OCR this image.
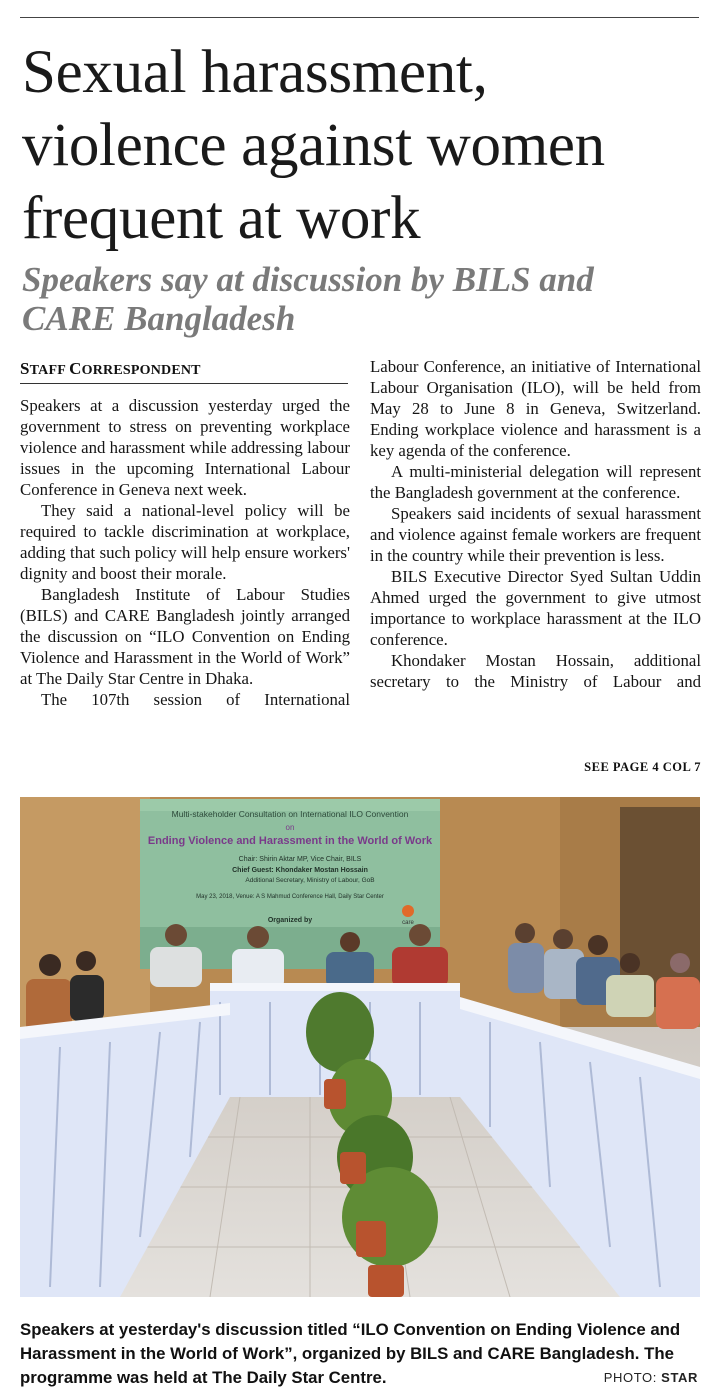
Sexual harassment,
violence against women
frequent at work
Speakers say at discussion by BILS and
CARE Bangladesh
STAFF CORRESPONDENT

Speakers at a discussion yesterday urged the government to stress on preventing workplace violence and harassment while addressing labour issues in the upcoming International Labour Conference in Geneva next week.

They said a national-level policy will be required to tackle discrimination at workplace, adding that such policy will help ensure workers' dignity and boost their morale.

Bangladesh Institute of Labour Studies (BILS) and CARE Bangladesh jointly arranged the discussion on “ILO Convention on Ending Violence and Harassment in the World of Work” at The Daily Star Centre in Dhaka.

The 107th session of International

Labour Conference, an initiative of International Labour Organisation (ILO), will be held from May 28 to June 8 in Geneva, Switzerland. Ending workplace violence and harassment is a key agenda of the conference.

A multi-ministerial delegation will represent the Bangladesh government at the conference.

Speakers said incidents of sexual harassment and violence against female workers are frequent in the country while their prevention is less.

BILS Executive Director Syed Sultan Uddin Ahmed urged the government to give utmost importance to workplace harassment at the ILO conference.

Khondaker Mostan Hossain, additional secretary to the Ministry of Labour and

SEE PAGE 4 COL 7
Multi-stakeholder Consultation on International ILO Convention
on
Ending Violence and Harassment in the World of Work
Chair: Shirin Aktar MP, Vice Chair, BILS
Chief Guest: Khondaker Mostan Hossain
Additional Secretary, Ministry of Labour, GoB
May 23, 2018, Venue: A S Mahmud Conference Hall, Daily Star Center
Organized by	care
Speakers at yesterday's discussion titled “ILO Convention on Ending Violence and Harassment in the World of Work”, organized by BILS and CARE Bangladesh. The programme was held at The Daily Star Centre.	PHOTO: STAR
